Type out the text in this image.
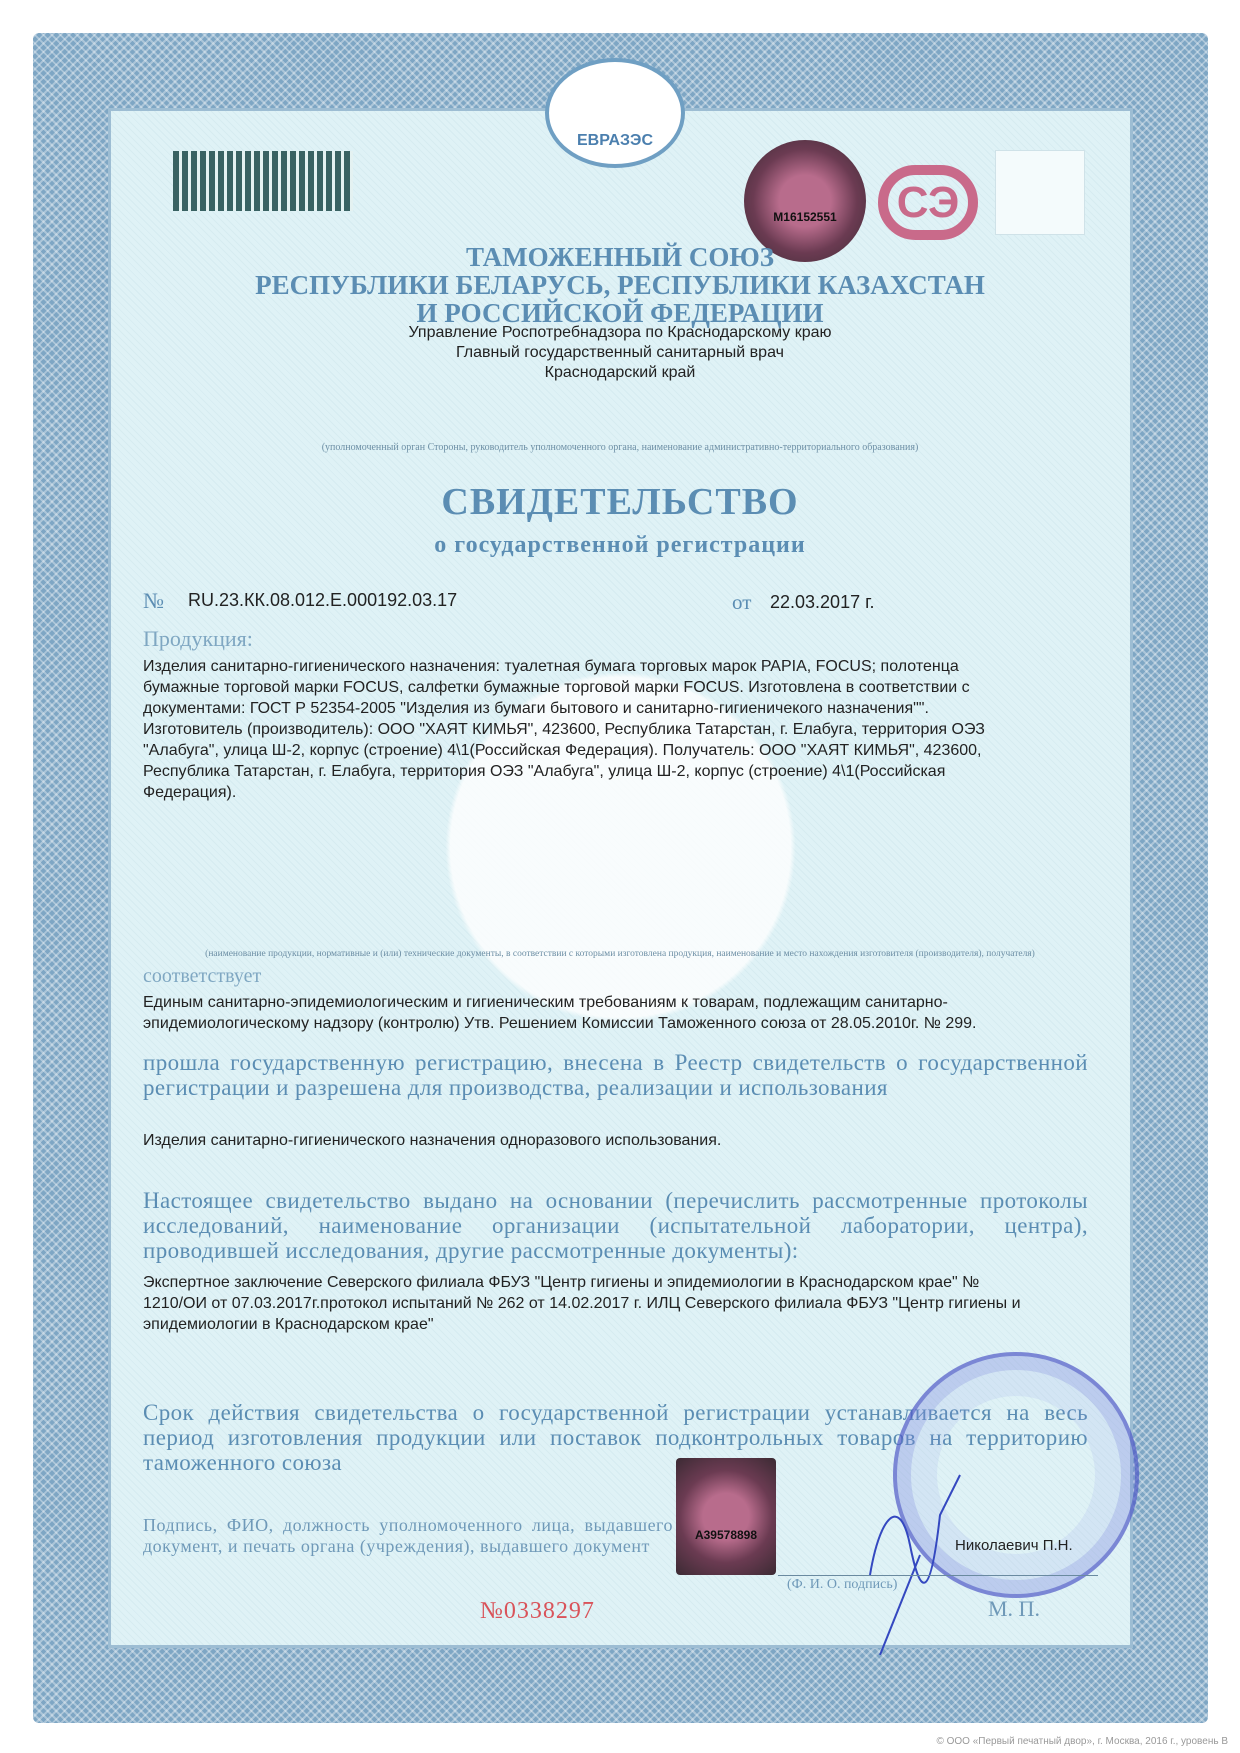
ЕВРАЗЭС
M16152551	СЭ
ТАМОЖЕННЫЙ СОЮЗ
РЕСПУБЛИКИ БЕЛАРУСЬ, РЕСПУБЛИКИ КАЗАХСТАН
И РОССИЙСКОЙ ФЕДЕРАЦИИ
Управление Роспотребнадзора по Краснодарскому краю
Главный государственный санитарный врач
Краснодарский край
(уполномоченный орган Стороны, руководитель уполномоченного органа, наименование административно-территориального образования)
СВИДЕТЕЛЬСТВО
о государственной регистрации
№ RU.23.КК.08.012.Е.000192.03.17	от 22.03.2017 г.
Продукция:
Изделия санитарно-гигиенического назначения: туалетная бумага торговых марок PAPIA, FOCUS; полотенца
бумажные торговой марки FOCUS, салфетки бумажные торговой марки FOCUS. Изготовлена в соответствии с
документами: ГОСТ Р 52354-2005 "Изделия из бумаги бытового и санитарно-гигиеничекого назначения"".
Изготовитель (производитель): ООО "ХАЯТ КИМЬЯ", 423600, Республика Татарстан, г. Елабуга, территория ОЭЗ
"Алабуга", улица Ш-2, корпус (строение) 4\1(Российская Федерация). Получатель: ООО "ХАЯТ КИМЬЯ", 423600,
Республика Татарстан, г. Елабуга, территория ОЭЗ "Алабуга", улица Ш-2, корпус (строение) 4\1(Российская
Федерация).
(наименование продукции, нормативные и (или) технические документы, в соответствии с которыми изготовлена продукция, наименование и место нахождения изготовителя (производителя), получателя)
соответствует
Единым санитарно-эпидемиологическим и гигиеническим требованиям к товарам, подлежащим санитарно-
эпидемиологическому надзору (контролю) Утв. Решением Комиссии Таможенного союза от 28.05.2010г. № 299.
прошла государственную регистрацию, внесена в Реестр свидетельств о государственной регистрации и разрешена для производства, реализации и использования
Изделия санитарно-гигиенического назначения одноразового использования.
Настоящее свидетельство выдано на основании (перечислить рассмотренные протоколы исследований, наименование организации (испытательной лаборатории, центра), проводившей исследования, другие рассмотренные документы):
Экспертное заключение Северского филиала ФБУЗ "Центр гигиены и эпидемиологии в Краснодарском крае" №
1210/ОИ от 07.03.2017г.протокол испытаний № 262 от 14.02.2017 г. ИЛЦ Северского филиала ФБУЗ "Центр гигиены и
эпидемиологии в Краснодарском крае"
Срок действия свидетельства о государственной регистрации устанавливается на весь период изготовления продукции или поставок подконтрольных товаров на территорию таможенного союза
Подпись, ФИО, должность уполномоченного лица, выдавшего документ, и печать органа (учреждения), выдавшего документ
A39578898
Николаевич П.Н.
(Ф. И. О. подпись)
М. П.
№0338297
© ООО «Первый печатный двор», г. Москва, 2016 г., уровень В
